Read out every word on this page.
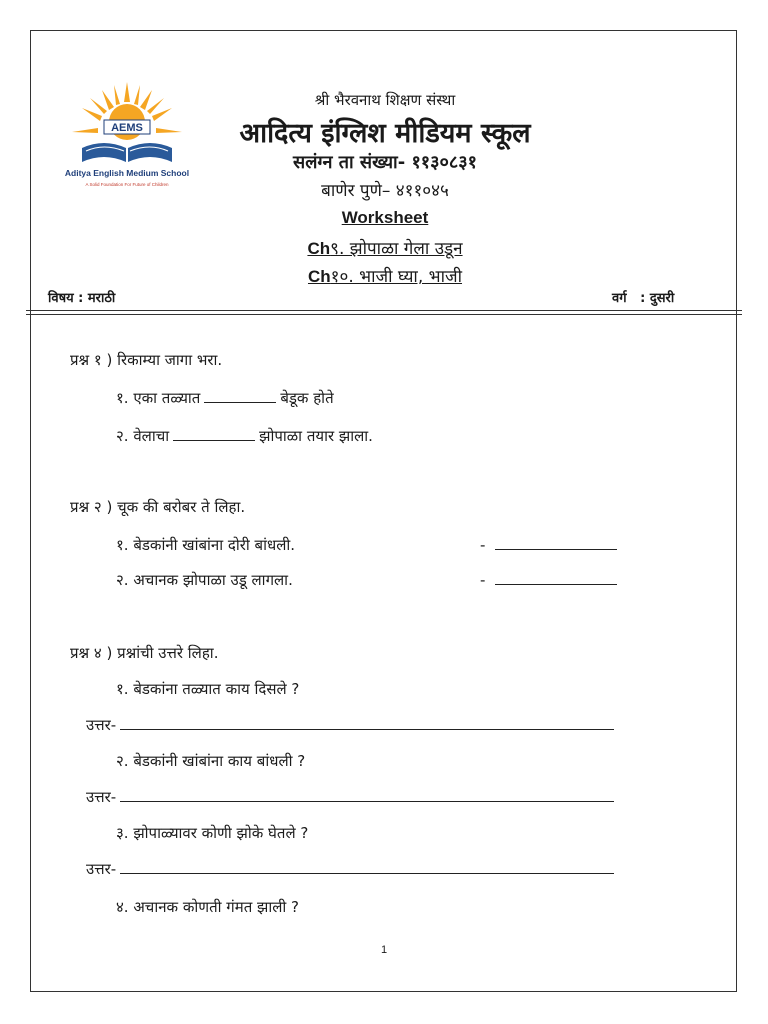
AEMS
Aditya English Medium School
A Solid Foundation For Future of Children
श्री भैरवनाथ शिक्षण संस्था
आदित्य इंग्लिश मीडियम स्कूल
सलंग्न ता संख्या- ११३०८३१
बाणेर पुणे– ४११०४५
Worksheet
Ch९. झोपाळा गेला उडून
Ch१०. भाजी घ्या, भाजी
विषय : मराठी	वर्ग : दुसरी
प्रश्न १ ) रिकाम्या जागा भरा.
१. एका तळ्यात	बेडूक होते
२. वेलाचा	झोपाळा तयार झाला.
प्रश्न २ ) चूक की बरोबर ते लिहा.
१. बेडकांनी खांबांना दोरी बांधली.	-
२. अचानक झोपाळा उडू लागला.	-
प्रश्न ४ ) प्रश्नांची उत्तरे लिहा.
१. बेडकांना तळ्यात काय दिसले ?
उत्तर-
२. बेडकांनी खांबांना काय बांधली ?
उत्तर-
३. झोपाळ्यावर कोणी झोके घेतले ?
उत्तर-
४. अचानक कोणती गंमत झाली ?
1
